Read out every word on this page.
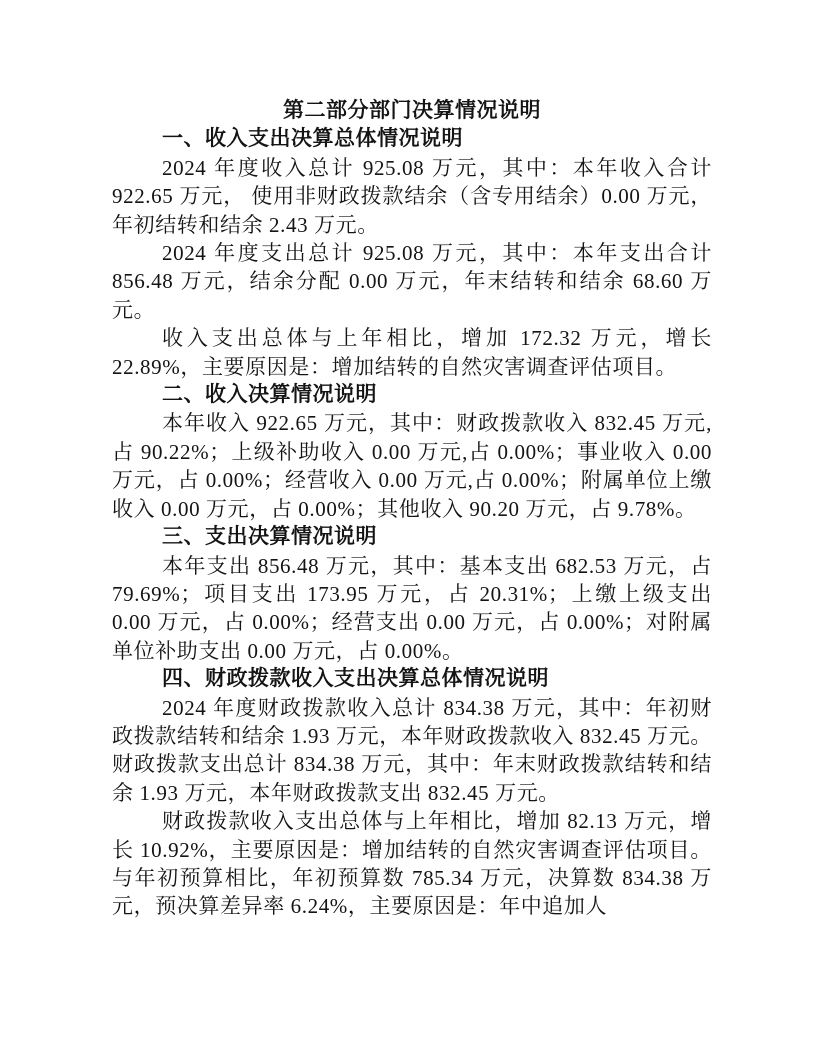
第二部分部门决算情况说明
一、收入支出决算总体情况说明

2024 年度收入总计 925.08 万元，其中：本年收入合计 922.65 万元， 使用非财政拨款结余（含专用结余）0.00 万元，年初结转和结余 2.43 万元。

2024 年度支出总计 925.08 万元，其中：本年支出合计 856.48 万元，结余分配 0.00 万元，年末结转和结余 68.60 万元。

收入支出总体与上年相比，增加 172.32 万元，增长 22.89%，主要原因是：增加结转的自然灾害调查评估项目。

二、收入决算情况说明

本年收入 922.65 万元，其中：财政拨款收入 832.45 万元, 占 90.22%；上级补助收入 0.00 万元,占 0.00%；事业收入 0.00 万元，占 0.00%；经营收入 0.00 万元,占 0.00%；附属单位上缴收入 0.00 万元，占 0.00%；其他收入 90.20 万元，占 9.78%。

三、支出决算情况说明

本年支出 856.48 万元，其中：基本支出 682.53 万元，占 79.69%；项目支出 173.95 万元，占 20.31%；上缴上级支出 0.00 万元，占 0.00%；经营支出 0.00 万元，占 0.00%；对附属单位补助支出 0.00 万元，占 0.00%。

四、财政拨款收入支出决算总体情况说明

2024 年度财政拨款收入总计 834.38 万元，其中：年初财政拨款结转和结余 1.93 万元，本年财政拨款收入 832.45 万元。财政拨款支出总计 834.38 万元，其中：年末财政拨款结转和结余 1.93 万元，本年财政拨款支出 832.45 万元。

财政拨款收入支出总体与上年相比，增加 82.13 万元，增长 10.92%，主要原因是：增加结转的自然灾害调查评估项目。与年初预算相比，年初预算数 785.34 万元，决算数 834.38 万元，预决算差异率 6.24%，主要原因是：年中追加人
